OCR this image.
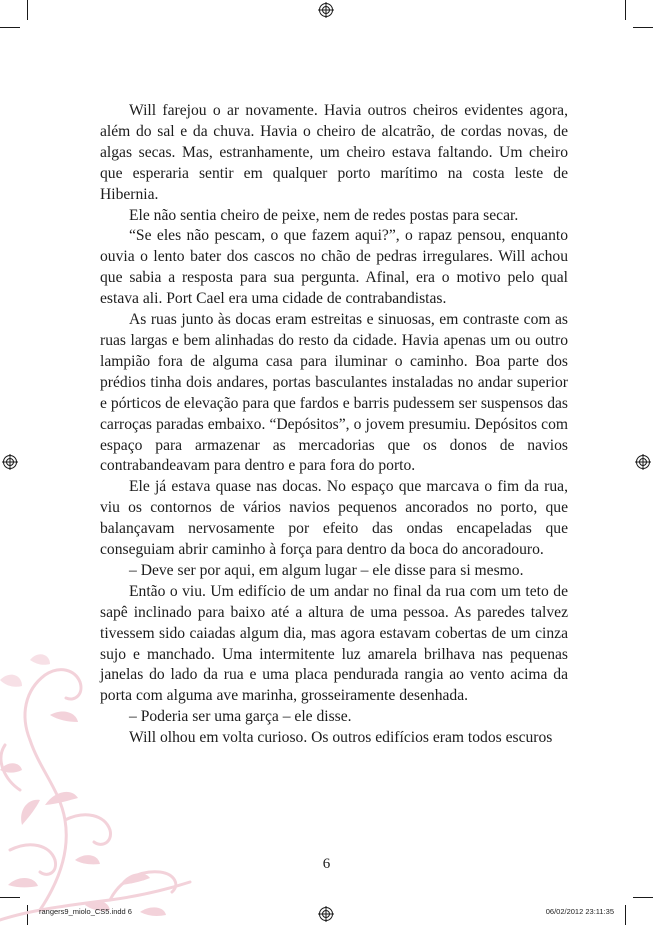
Will farejou o ar novamente. Havia outros cheiros evidentes agora, além do sal e da chuva. Havia o cheiro de alcatrão, de cordas novas, de algas secas. Mas, estranhamente, um cheiro estava faltando. Um cheiro que esperaria sentir em qualquer porto marítimo na costa leste de Hibernia.

Ele não sentia cheiro de peixe, nem de redes postas para secar.

“Se eles não pescam, o que fazem aqui?”, o rapaz pensou, enquanto ouvia o lento bater dos cascos no chão de pedras irregulares. Will achou que sabia a resposta para sua pergunta. Afinal, era o motivo pelo qual estava ali. Port Cael era uma cidade de contrabandistas.

As ruas junto às docas eram estreitas e sinuosas, em contraste com as ruas largas e bem alinhadas do resto da cidade. Havia apenas um ou outro lampião fora de alguma casa para iluminar o caminho. Boa parte dos prédios tinha dois andares, portas basculantes instaladas no andar superior e pórticos de elevação para que fardos e barris pudessem ser suspensos das carroças paradas embaixo. “Depósitos”, o jovem presumiu. Depósitos com espaço para armazenar as mercadorias que os donos de navios contrabandeavam para dentro e para fora do porto.

Ele já estava quase nas docas. No espaço que marcava o fim da rua, viu os contornos de vários navios pequenos ancorados no porto, que balançavam nervosamente por efeito das ondas encapeladas que conseguiam abrir caminho à força para dentro da boca do ancoradouro.

– Deve ser por aqui, em algum lugar – ele disse para si mesmo.

Então o viu. Um edifício de um andar no final da rua com um teto de sapê inclinado para baixo até a altura de uma pessoa. As paredes talvez tivessem sido caiadas algum dia, mas agora estavam cobertas de um cinza sujo e manchado. Uma intermitente luz amarela brilhava nas pequenas janelas do lado da rua e uma placa pendurada rangia ao vento acima da porta com alguma ave marinha, grosseiramente desenhada.

– Poderia ser uma garça – ele disse.

Will olhou em volta curioso. Os outros edifícios eram todos escuros

6
rangers9_miolo_CS5.indd 6	06/02/2012 23:11:35
